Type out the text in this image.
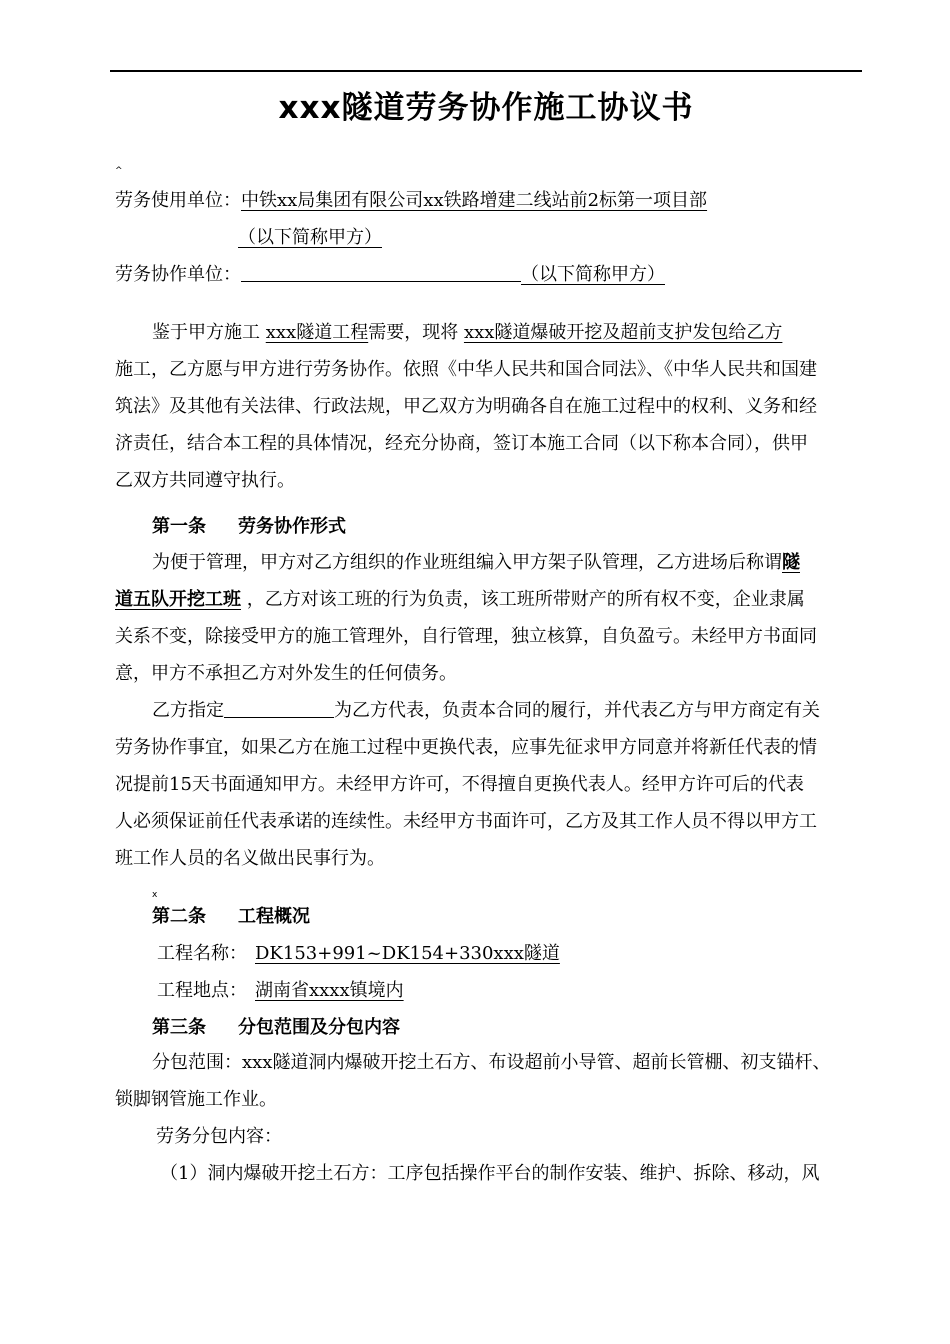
xxx隧道劳务协作施工协议书
^
劳务使用单位：中铁xx局集团有限公司xx铁路增建二线站前2标第一项目部
（以下简称甲方）
劳务协作单位：	（以下简称甲方）

鉴于甲方施工 xxx隧道工程需要，现将 xxx隧道爆破开挖及超前支护发包给乙方

施工，乙方愿与甲方进行劳务协作。依照《中华人民共和国合同法》、《中华人民共和国建

筑法》及其他有关法律、行政法规，甲乙双方为明确各自在施工过程中的权利、义务和经

济责任，结合本工程的具体情况，经充分协商，签订本施工合同（以下称本合同），供甲

乙双方共同遵守执行。

第一条 劳务协作形式

为便于管理，甲方对乙方组织的作业班组编入甲方架子队管理，乙方进场后称谓隧

道五队开挖工班 ，乙方对该工班的行为负责，该工班所带财产的所有权不变，企业隶属

关系不变，除接受甲方的施工管理外，自行管理，独立核算，自负盈亏。未经甲方书面同

意，甲方不承担乙方对外发生的任何债务。

乙方指定	为乙方代表，负责本合同的履行，并代表乙方与甲方商定有关

劳务协作事宜，如果乙方在施工过程中更换代表，应事先征求甲方同意并将新任代表的情

况提前15天书面通知甲方。未经甲方许可，不得擅自更换代表人。经甲方许可后的代表

人必须保证前任代表承诺的连续性。未经甲方书面许可，乙方及其工作人员不得以甲方工

班工作人员的名义做出民事行为。

x
第二条 工程概况
工程名称： DK153+991~DK154+330xxx隧道
工程地点： 湖南省xxxx镇境内
第三条 分包范围及分包内容

分包范围：xxx隧道洞内爆破开挖土石方、布设超前小导管、超前长管棚、初支锚杆、

锁脚钢管施工作业。

劳务分包内容：

（1）洞内爆破开挖土石方：工序包括操作平台的制作安装、维护、拆除、移动，风
